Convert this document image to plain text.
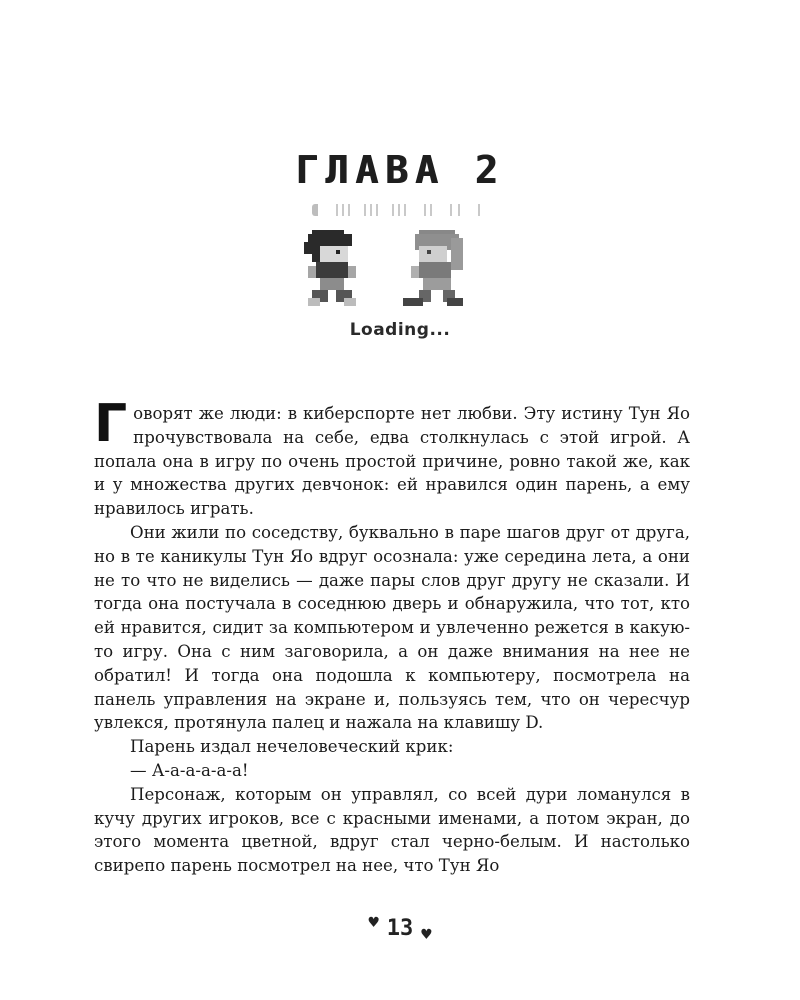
ГЛАВА 2
Loading...

Говорят же люди: в киберспорте нет любви. Эту истину Тун Яо прочувствовала на себе, едва столкнулась с этой игрой. А попала она в игру по очень простой причине, ровно такой же, как и у множества других девчонок: ей нравился один парень, а ему нравилось играть.

Они жили по соседству, буквально в паре шагов друг от друга, но в те каникулы Тун Яо вдруг осознала: уже середина лета, а они не то что не виделись — даже пары слов друг другу не сказали. И тогда она постучала в соседнюю дверь и обнаружила, что тот, кто ей нравится, сидит за компьютером и увлеченно режется в какую-то игру. Она с ним заговорила, а он даже внимания на нее не обратил! И тогда она подошла к компьютеру, посмотрела на панель управления на экране и, пользуясь тем, что он чересчур увлекся, протянула палец и нажала на клавишу D.

Парень издал нечеловеческий крик:

— А-а-а-а-а-а!

Персонаж, которым он управлял, со всей дури ломанулся в кучу других игроков, все с красными именами, а потом экран, до этого момента цветной, вдруг стал черно-белым. И настолько свирепо парень посмотрел на нее, что Тун Яо

♥ 13 ♥
